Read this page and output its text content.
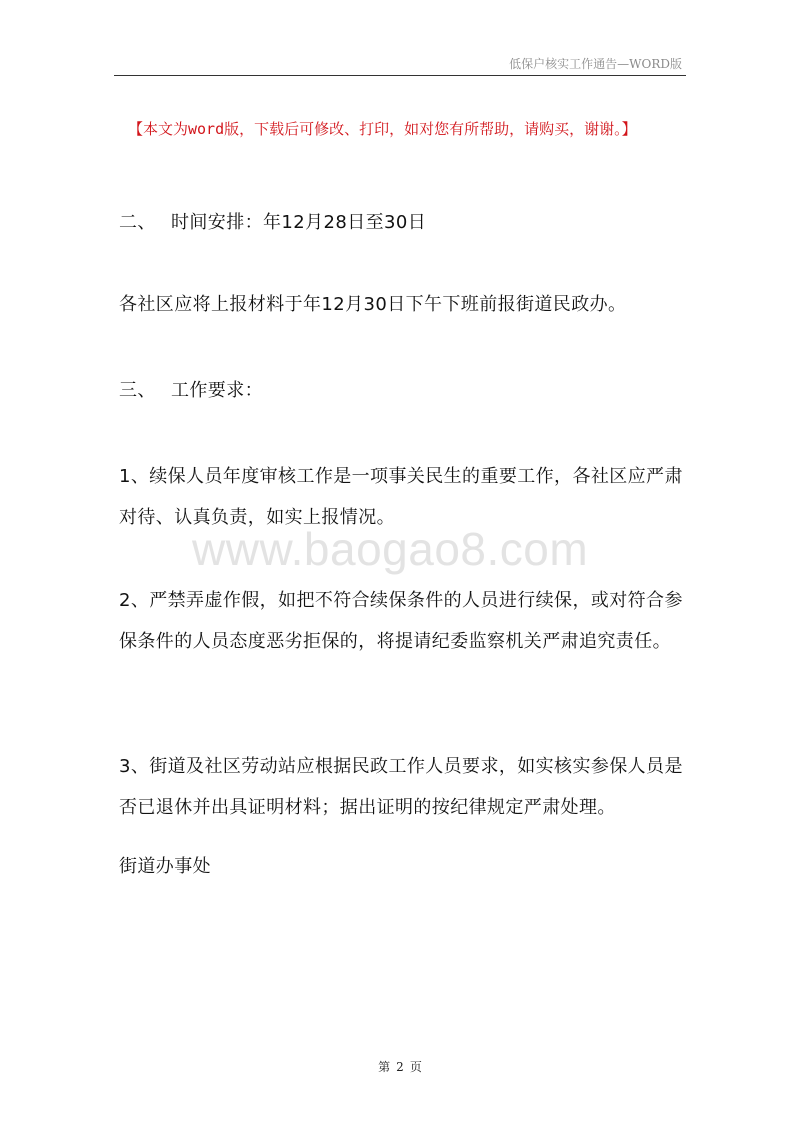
低保户核实工作通告—WORD版
【本文为word版，下载后可修改、打印，如对您有所帮助，请购买，谢谢。】
二、 时间安排：年12月28日至30日
各社区应将上报材料于年12月30日下午下班前报街道民政办。
三、 工作要求：
1、续保人员年度审核工作是一项事关民生的重要工作，各社区应严肃对待、认真负责，如实上报情况。
2、严禁弄虚作假，如把不符合续保条件的人员进行续保，或对符合参保条件的人员态度恶劣拒保的，将提请纪委监察机关严肃追究责任。
3、街道及社区劳动站应根据民政工作人员要求，如实核实参保人员是否已退休并出具证明材料；据出证明的按纪律规定严肃处理。
街道办事处
www.baogao8.com
第 2 页
